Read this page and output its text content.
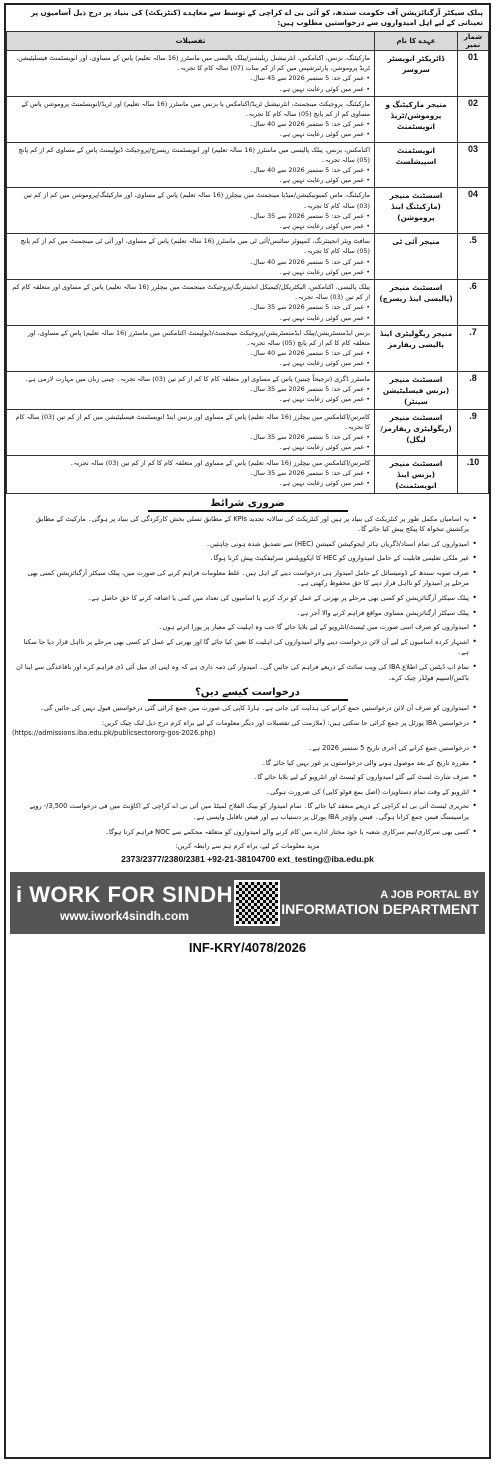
پبلک سیکٹر آرگنائزیشن آف حکومت سندھ، کو آئی بی اے کراچی کے توسط سے معاہدے (کنٹریکٹ) کی بنیاد پر درج ذیل آسامیوں پر تعیناتی کے لیے اہل امیدواروں سے درخواستیں مطلوب ہیں:
شمار نمبر	عہدے کا نام	تفصیلات
01	ڈائریکٹر انویسٹر سروسز	مارکیٹنگ، بزنس، اکنامکس، انٹرنیشنل ریلیشنز/پبلک پالیسی میں ماسٹرز (16 سالہ تعلیم) پاس کے مساوی، اور انویسٹمنٹ فیسلیٹیشن، ٹریڈ پروموشن، پارٹنرشپس میں کم از کم سات (07) سالہ کام کا تجربہ۔
• عمر کی حد: 5 ستمبر 2026 سے 45 سال۔
• عمر میں کوئی رعایت نہیں ہے۔

02	منیجر مارکیٹنگ و پروموشن/ٹریڈ انویسٹمنٹ	مارکیٹنگ، پروجیکٹ مینجمنٹ، انٹرنیشنل ٹریڈ/اکنامکس یا بزنس میں ماسٹرز (16 سالہ تعلیم) اور ٹریڈ/انویسٹمنٹ پروموشن پاس کے مساوی کم از کم پانچ (05) سالہ کام کا تجربہ۔
• عمر کی حد: 5 ستمبر 2026 سے 40 سال۔
• عمر میں کوئی رعایت نہیں ہے۔

03	انویسٹمنٹ اسپیشلسٹ	اکنامکس، بزنس، پبلک پالیسی میں ماسٹرز (16 سالہ تعلیم) اور انویسٹمنٹ ریسرچ/پروجیکٹ ڈیولپمنٹ پاس کے مساوی کم از کم پانچ (05) سالہ تجربہ۔
• عمر کی حد: 5 ستمبر 2026 سے 40 سال۔
• عمر میں کوئی رعایت نہیں ہے۔

04	اسسٹنٹ منیجر (مارکیٹنگ اینڈ پروموشن)	مارکیٹنگ، ماس کمیونیکیشن/میڈیا مینجمنٹ میں بیچلرز (16 سالہ تعلیم) پاس کے مساوی، اور مارکیٹنگ/پروموشن میں کم از کم تین (03) سالہ کام کا تجربہ۔
• عمر کی حد: 5 ستمبر 2026 سے 35 سال۔
• عمر میں کوئی رعایت نہیں ہے۔

5.	منیجر آئی ٹی	سافٹ ویئر انجینئرنگ، کمپیوٹر سائنس/آئی ٹی میں ماسٹرز (16 سالہ تعلیم) پاس کے مساوی، اور آئی ٹی مینجمنٹ میں کم از کم پانچ (05) سالہ کام کا تجربہ۔
• عمر کی حد: 5 ستمبر 2026 سے 40 سال۔
• عمر میں کوئی رعایت نہیں ہے۔

6.	اسسٹنٹ منیجر (پالیسی اینڈ ریسرچ)	پبلک پالیسی، اکنامکس، الیکٹریکل/کیمیکل انجینئرنگ/پروجیکٹ مینجمنٹ میں بیچلرز (16 سالہ تعلیم) پاس کے مساوی اور متعلقہ کام کم از کم تین (03) سالہ تجربہ۔
• عمر کی حد: 5 ستمبر 2026 سے 35 سال۔
• عمر میں کوئی رعایت نہیں ہے۔

7.	منیجر ریگولیٹری اینڈ پالیسی ریفارمز	بزنس ایڈمنسٹریشن/پبلک ایڈمنسٹریشن/پروجیکٹ مینجمنٹ/ڈیولپمنٹ اکنامکس میں ماسٹرز (16 سالہ تعلیم) پاس کے مساوی، اور متعلقہ کام کا کم از کم پانچ (05) سالہ تجربہ۔
• عمر کی حد: 5 ستمبر 2026 سے 40 سال۔
• عمر میں کوئی رعایت نہیں ہے۔

8.	اسسٹنٹ منیجر (بزنس فیسلیٹیشن سینٹر)	ماسٹرز ڈگری (ترجیحاً چینیز) پاس کے مساوی اور متعلقہ کام کا کم از کم تین (03) سالہ تجربہ۔ چینی زبان میں مہارت لازمی ہے۔
• عمر کی حد: 5 ستمبر 2026 سے 35 سال۔
• عمر میں کوئی رعایت نہیں ہے۔

9.	اسسٹنٹ منیجر (ریگولیٹری ریفارمز/لیگل)	کامرس/اکنامکس میں بیچلرز (16 سالہ تعلیم) پاس کے مساوی اور بزنس اینڈ انویسٹمنٹ فیسلیٹیشن میں کم از کم تین (03) سالہ کام کا تجربہ۔
• عمر کی حد: 5 ستمبر 2026 سے 35 سال۔
• عمر میں کوئی رعایت نہیں ہے۔

10.	اسسٹنٹ منیجر (بزنس اینڈ انویسٹمنٹ)	کامرس/اکنامکس میں بیچلرز (16 سالہ تعلیم) پاس کے مساوی اور متعلقہ کام کا کم از کم تین (03) سالہ تجربہ۔
• عمر کی حد: 5 ستمبر 2026 سے 35 سال۔
• عمر میں کوئی رعایت نہیں ہے۔
ضروری شرائط
• یہ اسامیاں مکمل طور پر کنٹریکٹ کی بنیاد پر ہیں اور کنٹریکٹ کی سالانہ تجدید KPIs کے مطابق تسلی بخش کارکردگی کی بنیاد پر ہوگی۔ مارکیٹ کے مطابق پرکشش تنخواہ کا پیکج پیش کیا جائے گا۔
• امیدواروں کی تمام اسناد/ڈگریاں ہائر ایجوکیشن کمیشن (HEC) سے تصدیق شدہ ہونی چاہئیں۔
• غیر ملکی تعلیمی قابلیت کے حامل امیدواروں کو HEC کا ایکوویلنس سرٹیفکیٹ پیش کرنا ہوگا۔
• صرف صوبہ سندھ کے ڈومیسائل کے حامل امیدوار ہی درخواست دینے کے اہل ہیں۔ غلط معلومات فراہم کرنے کی صورت میں، پبلک سیکٹر آرگنائزیشن کسی بھی مرحلے پر امیدوار کو نااہل قرار دینے کا حق محفوظ رکھتی ہے۔
• پبلک سیکٹر آرگنائزیشن کو کسی بھی مرحلے پر بھرتی کے عمل کو ترک کرنے یا اسامیوں کی تعداد میں کمی یا اضافہ کرنے کا حق حاصل ہے۔
• پبلک سیکٹر آرگنائزیشن مساوی مواقع فراہم کرنے والا آجر ہے۔
• امیدواروں کو صرف اسی صورت میں ٹیسٹ/انٹرویو کے لیے بلایا جائے گا جب وہ اہلیت کے معیار پر پورا اترتے ہوں۔
• اشتہار کردہ اسامیوں کے لیے آن لائن درخواست دینے والے امیدواروں کی اہلیت کا تعین کیا جائے گا اور بھرتی کے عمل کے کسی بھی مرحلے پر نااہل قرار دیا جا سکتا ہے۔
• تمام اپ ڈیٹس کی اطلاع IBA کی ویب سائٹ کے ذریعے فراہم کی جائیں گی۔ امیدوار کی ذمہ داری ہے کہ وہ اپنی ای میل آئی ڈی فراہم کرے اور باقاعدگی سے اپنا ان باکس/اسپیم فولڈر چیک کرے۔
درخواست کیسے دیں؟
• امیدواروں کو صرف آن لائن درخواستیں جمع کرانے کی ہدایت کی جاتی ہے۔ ہارڈ کاپی کی صورت میں جمع کرائی گئی درخواستیں قبول نہیں کی جائیں گی۔
• درخواستیں IBA پورٹل پر جمع کرائی جا سکتی ہیں: (ملازمت کی تفصیلات اور دیگر معلومات کے لیے براہ کرم درج ذیل لنک چیک کریں:
(https://admissions.iba.edu.pk/publicsectororg-gos-2026.php)
• درخواستیں جمع کرانے کی آخری تاریخ 5 ستمبر 2026 ہے۔
• مقررہ تاریخ کے بعد موصول ہونے والی درخواستوں پر غور نہیں کیا جائے گا۔
• صرف شارٹ لسٹ کیے گئے امیدواروں کو ٹیسٹ اور انٹرویو کے لیے بلایا جائے گا۔
• انٹرویو کے وقت تمام دستاویزات (اصل بمع فوٹو کاپی) کی ضرورت ہوگی۔
• تحریری ٹیسٹ آئی بی اے کراچی کے ذریعے منعقد کیا جائے گا۔ تمام امیدوار کو بینک الفلاح لمیٹڈ میں آئی بی اے کراچی کے اکاؤنٹ میں فی درخواست 3,500/- روپے پراسیسنگ فیس جمع کرانا ہوگی۔ فیس واؤچر IBA پورٹل پر دستیاب ہے اور فیس ناقابل واپسی ہے۔
• کسی بھی سرکاری/نیم سرکاری شعبہ یا خود مختار ادارے میں کام کرنے والے امیدواروں کو متعلقہ محکمے سے NOC فراہم کرنا ہوگا۔
مزید معلومات کے لیے، براہ کرم ہم سے رابطہ کریں:
2373/2377/2380/2381 +92-21-38104700 ext_testing@iba.edu.pk
i WORK FOR SINDH
www.iwork4sindh.com
A JOB PORTAL BY
INFORMATION DEPARTMENT
INF-KRY/4078/2026
